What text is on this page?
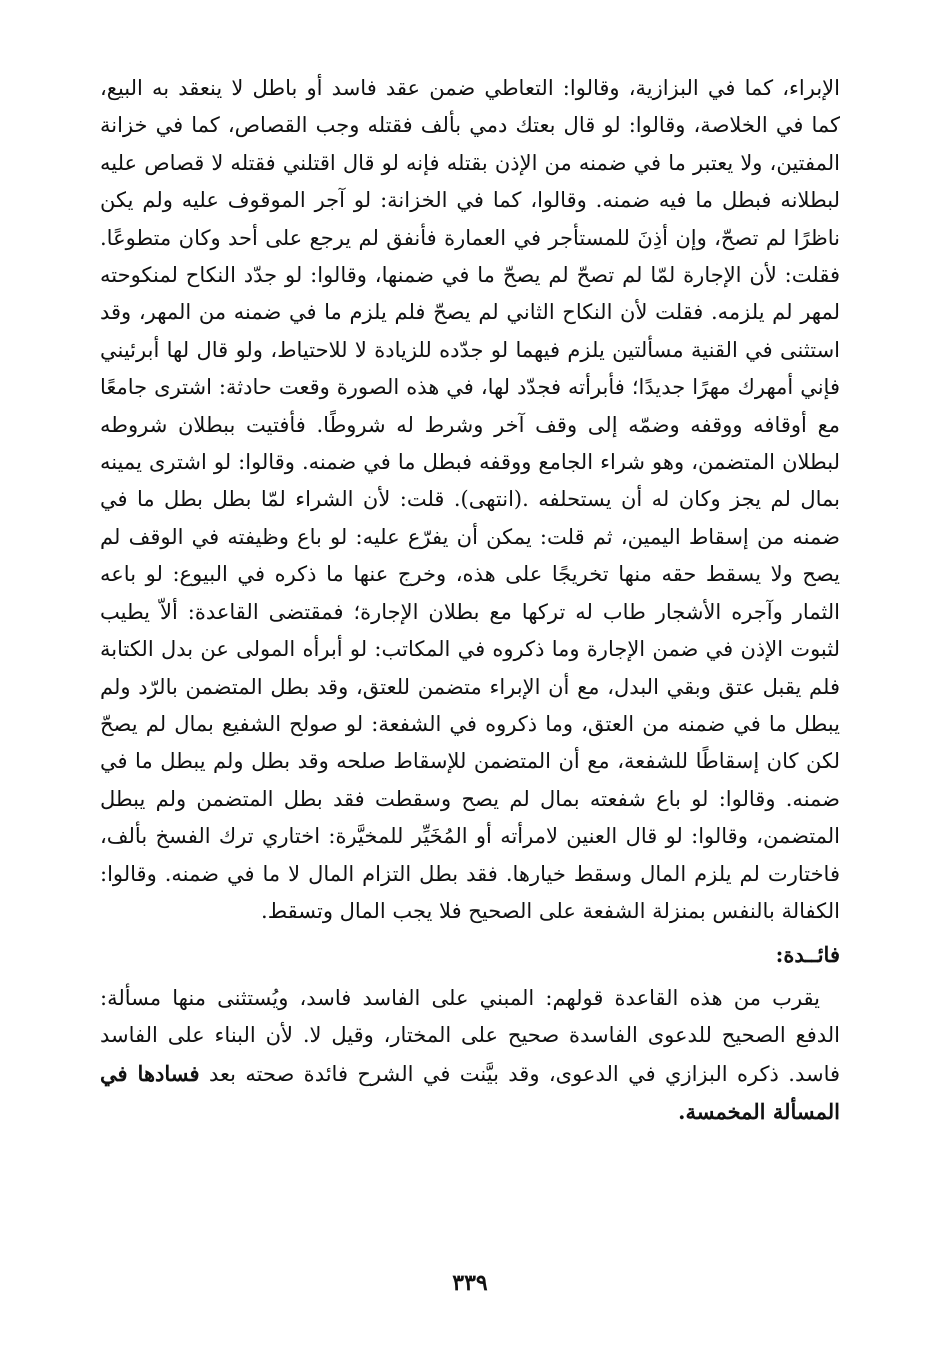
الإبراء، كما في البزازية، وقالوا: التعاطي ضمن عقد فاسد أو باطل لا ينعقد به البيع، كما في الخلاصة، وقالوا: لو قال بعتك دمي بألف فقتله وجب القصاص، كما في خزانة المفتين، ولا يعتبر ما في ضمنه من الإذن بقتله فإنه لو قال اقتلني فقتله لا قصاص عليه لبطلانه فبطل ما فيه ضمنه. وقالوا، كما في الخزانة: لو آجر الموقوف عليه ولم يكن ناظرًا لم تصحّ، وإن أذِنَ للمستأجر في العمارة فأنفق لم يرجع على أحد وكان متطوعًا. فقلت: لأن الإجارة لمّا لم تصحّ لم يصحّ ما في ضمنها، وقالوا: لو جدّد النكاح لمنكوحته لمهر لم يلزمه. فقلت لأن النكاح الثاني لم يصحّ فلم يلزم ما في ضمنه من المهر، وقد استثنى في القنية مسألتين يلزم فيهما لو جدّده للزيادة لا للاحتياط، ولو قال لها أبرئيني فإني أمهرك مهرًا جديدًا؛ فأبرأته فجدّد لها، في هذه الصورة وقعت حادثة: اشترى جامعًا مع أوقافه ووقفه وضمّه إلى وقف آخر وشرط له شروطًا. فأفتيت ببطلان شروطه لبطلان المتضمن، وهو شراء الجامع ووقفه فبطل ما في ضمنه. وقالوا: لو اشترى يمينه بمال لم يجز وكان له أن يستحلفه .(انتهى). قلت: لأن الشراء لمّا بطل بطل ما في ضمنه من إسقاط اليمين، ثم قلت: يمكن أن يفرّع عليه: لو باع وظيفته في الوقف لم يصح ولا يسقط حقه منها تخريجًا على هذه، وخرج عنها ما ذكره في البيوع: لو باعه الثمار وآجره الأشجار طاب له تركها مع بطلان الإجارة؛ فمقتضى القاعدة: ألاّ يطيب لثبوت الإذن في ضمن الإجارة وما ذكروه في المكاتب: لو أبرأه المولى عن بدل الكتابة فلم يقبل عتق وبقي البدل، مع أن الإبراء متضمن للعتق، وقد بطل المتضمن بالرّد ولم يبطل ما في ضمنه من العتق، وما ذكروه في الشفعة: لو صولح الشفيع بمال لم يصحّ لكن كان إسقاطًا للشفعة، مع أن المتضمن للإسقاط صلحه وقد بطل ولم يبطل ما في ضمنه. وقالوا: لو باع شفعته بمال لم يصح وسقطت فقد بطل المتضمن ولم يبطل المتضمن، وقالوا: لو قال العنين لامرأته أو المُخَيِّر للمخيَّرة: اختاري ترك الفسخ بألف، فاختارت لم يلزم المال وسقط خيارها. فقد بطل التزام المال لا ما في ضمنه. وقالوا: الكفالة بالنفس بمنزلة الشفعة على الصحيح فلا يجب المال وتسقط.

فائــدة:

يقرب من هذه القاعدة قولهم: المبني على الفاسد فاسد، ويُستثنى منها مسألة: الدفع الصحيح للدعوى الفاسدة صحيح على المختار، وقيل لا. لأن البناء على الفاسد فاسد. ذكره البزازي في الدعوى، وقد بيَّنت في الشرح فائدة صحته بعد فسادها في المسألة المخمسة.

٣٣٩
